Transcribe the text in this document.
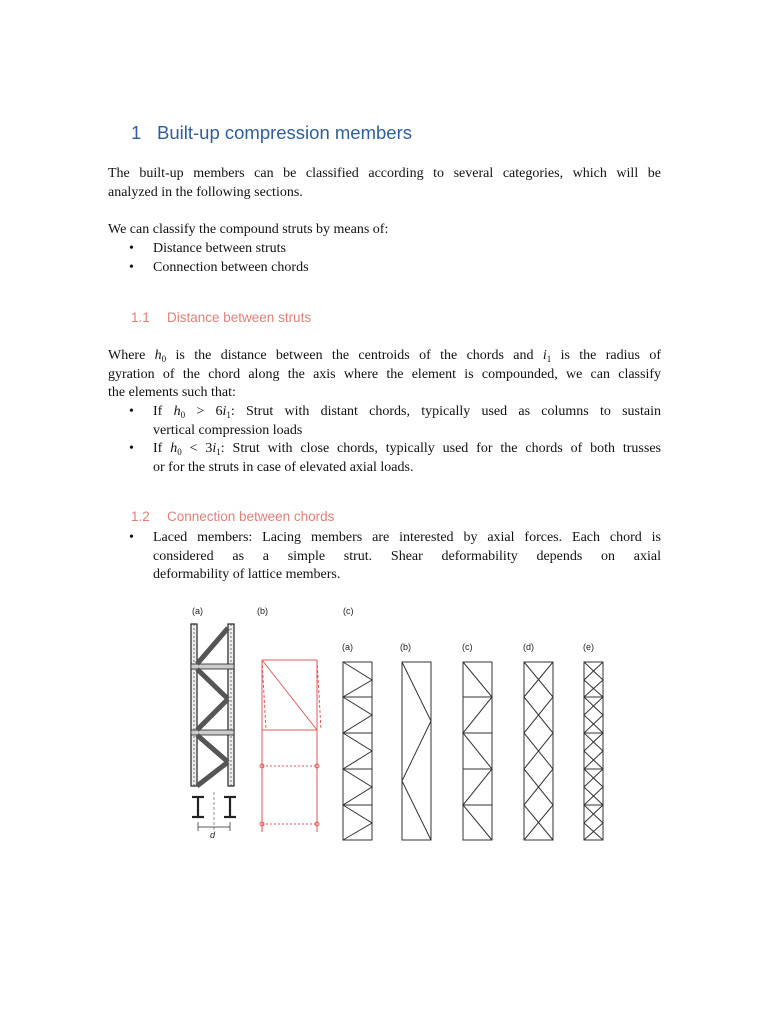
1 Built-up compression members
The built-up members can be classified according to several categories, which will be
analyzed in the following sections.
We can classify the compound struts by means of:
• Distance between struts
• Connection between chords
1.1 Distance between struts
Where $h_0$ is the distance between the centroids of the chords and $i_1$ is the radius of
gyration of the chord along the axis where the element is compounded, we can classify
the elements such that:
• If $h_0 > 6i_1$: Strut with distant chords, typically used as columns to sustain
vertical compression loads
• If $h_0 < 3i_1$: Strut with close chords, typically used for the chords of both trusses
or for the struts in case of elevated axial loads.
1.2 Connection between chords
• Laced members: Lacing members are interested by axial forces. Each chord is
considered as a simple strut. Shear deformability depends on axial
deformability of lattice members.
(a)	(b)	(c)
d
(a)	(b)	(c)	(d)	(e)
